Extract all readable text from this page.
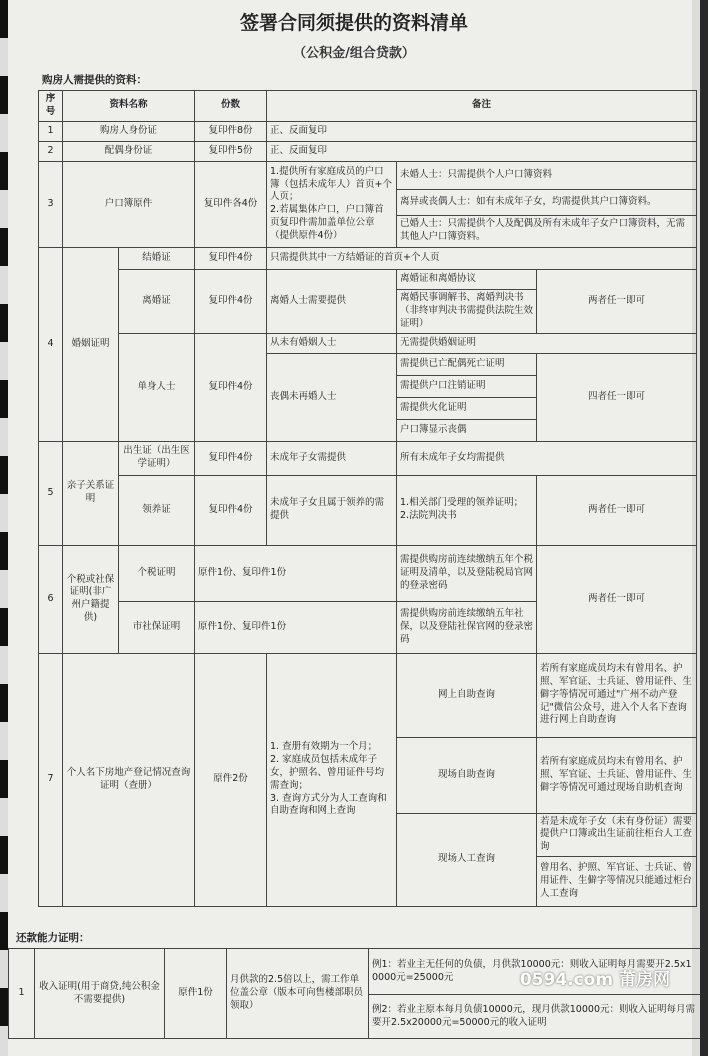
签署合同须提供的资料清单
（公积金/组合贷款）
购房人需提供的资料：
序号	资料名称		份数	备注		
1	购房人身份证		复印件8份	正、反面复印		
2	配偶身份证		复印件5份	正、反面复印		
3	户口簿原件		复印件各4份	1.提供所有家庭成员的户口簿（包括未成年人）首页+个人页；
2.若属集体户口，户口簿首页复印件需加盖单位公章（提供原件4份）	未婚人士：只需提供个人户口簿资料	
					离异或丧偶人士：如有未成年子女，均需提供其户口簿资料。	
					已婚人士：只需提供个人及配偶及所有未成年子女户口簿资料，无需其他人户口簿资料。	
4	婚姻证明	结婚证	复印件4份	只需提供其中一方结婚证的首页+个人页		
		离婚证	复印件4份	离婚人士需要提供	离婚证和离婚协议	两者任一即可
					离婚民事调解书、离婚判决书（非终审判决书需提供法院生效证明）	
		单身人士	复印件4份	从未有婚姻人士	无需提供婚姻证明	
				丧偶未再婚人士	需提供已亡配偶死亡证明	四者任一即可
					需提供户口注销证明	
					需提供火化证明	
					户口簿显示丧偶	
5	亲子关系证明	出生证（出生医学证明）	复印件4份	未成年子女需提供	所有未成年子女均需提供	
		领养证	复印件4份	未成年子女且属于领养的需提供	1.相关部门受理的领养证明；
2.法院判决书	两者任一即可
6	个税或社保证明(非广州户籍提供)	个税证明	原件1份、复印件1份		需提供购房前连续缴纳五年个税证明及清单，以及登陆税局官网的登录密码	两者任一即可
		市社保证明	原件1份、复印件1份		需提供购房前连续缴纳五年社保，以及登陆社保官网的登录密码	
7	个人名下房地产登记情况查询证明（查册）		原件2份	1. 查册有效期为一个月；
2. 家庭成员包括未成年子女，护照名、曾用证件号均需查询；
3. 查询方式分为人工查询和自助查询和网上查询	网上自助查询	若所有家庭成员均未有曾用名、护照、军官证、士兵证、曾用证件、生僻字等情况可通过"广州不动产登记"微信公众号，进入个人名下查询进行网上自助查询
					现场自助查询	若所有家庭成员均未有曾用名、护照、军官证、士兵证、曾用证件、生僻字等情况可通过现场自助机查询
					现场人工查询	若是未成年子女（未有身份证）需要提供户口簿或出生证前往柜台人工查询
						曾用名、护照、军官证、士兵证、曾用证件、生僻字等情况只能通过柜台人工查询
还款能力证明：
1	收入证明(用于商贷,纯公积金不需要提供)	原件1份	月供款的2.5倍以上，需工作单位盖公章（版本可向售楼部职员领取）	例1：若业主无任何的负债，月供款10000元：则收入证明每月需要开2.5x10000元=25000元
例2：若业主原本每月负债10000元，现月供款10000元：则收入证明每月需要开2.5x20000元=50000元的收入证明
0594.com 莆房网
